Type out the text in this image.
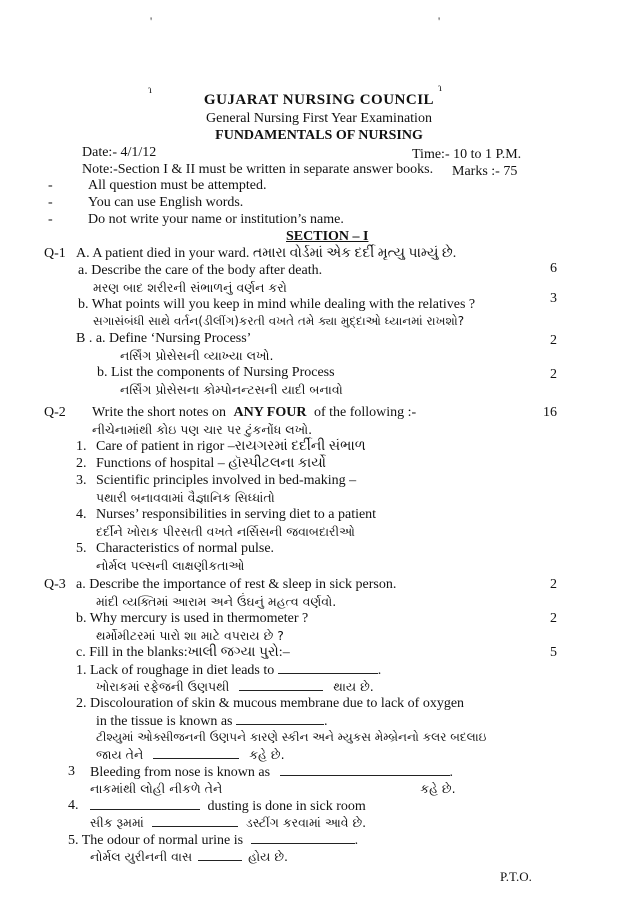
'	'
ɿ	ɿ
GUJARAT NURSING COUNCIL
General Nursing First Year Examination
FUNDAMENTALS OF NURSING
Date:- 4/1/12	Time:- 10 to 1 P.M.
Note:-Section I & II must be written in separate answer books. Marks :- 75
-	All question must be attempted.
-	You can use English words.
-	Do not write your name or institution’s name.
SECTION – I
Q-1 A. A patient died in your ward. તમારા વોર્ડમાં એક દર્દી મૃત્યુ પામ્યું છે.
a. Describe the care of the body after death.
મરણ બાદ શરીરની સંભાળનું વર્ણન કરો
6
b. What points will you keep in mind while dealing with the relatives ?
સગાસંબંધી સાથે વર્તન(ડીલીંગ)કરતી વખતે તમે ક્યા મુદ્દાઓ ધ્યાનમાં રાખશો?
3
B . a. Define ‘Nursing Process’
નર્સિંગ પ્રોસેસની વ્યાખ્યા લખો.
2
b. List the components of Nursing Process
નર્સિંગ પ્રોસેસના કોમ્પોનન્ટસની યાદી બનાવો
2
Q-2 Write the short notes on ANY FOUR of the following :-	16
નીચેનામાંથી કોઇ પણ ચાર પર ટુંકનોંધ લખો.
1. Care of patient in rigor –રાયગરમાં દર્દીની સંભાળ
2. Functions of hospital – હૉસ્પીટલના કાર્યો
3. Scientific principles involved in bed-making –
પથારી બનાવવામાં વૈજ્ઞાનિક સિધ્ધાંતો
4. Nurses’ responsibilities in serving diet to a patient
દર્દીને ખોરાક પીરસતી વખતે નર્સિસની જવાબદારીઓ
5. Characteristics of normal pulse.
નોર્મલ પલ્સની લાક્ષણીકતાઓ
Q-3 a. Describe the importance of rest & sleep in sick person.	2
માંદી વ્યક્તિમાં આરામ અને ઉંઘનું મહત્વ વર્ણવો.
b. Why mercury is used in thermometer ?	2
થર્મોમીટરમાં પારો શા માટે વપરાય છે ?
c. Fill in the blanks:ખાલી જગ્યા પુરો:–	5
1. Lack of roughage in diet leads to	.
ખોરાકમાં રફેજની ઉણપથી	થાય છે.
2. Discolouration of skin & mucous membrane due to lack of oxygen
in the tissue is known as	.
ટીશ્યુમાં ઓક્સીજનની ઉણપને કારણે સ્કીન અને મ્યુકસ મેમ્બ્રેનનો કલર બદલાઇ
જાય તેને	કહે છે.
3 Bleeding from nose is known as	.
નાકમાંથી લોહી નીકળે તેને	કહે છે.
4.	dusting is done in sick room
સીક રૂમમાં	ડસ્ટીંગ કરવામાં આવે છે.
5. The odour of normal urine is	.
નોર્મલ યુરીનની વાસ	હોય છે.
P.T.O.
